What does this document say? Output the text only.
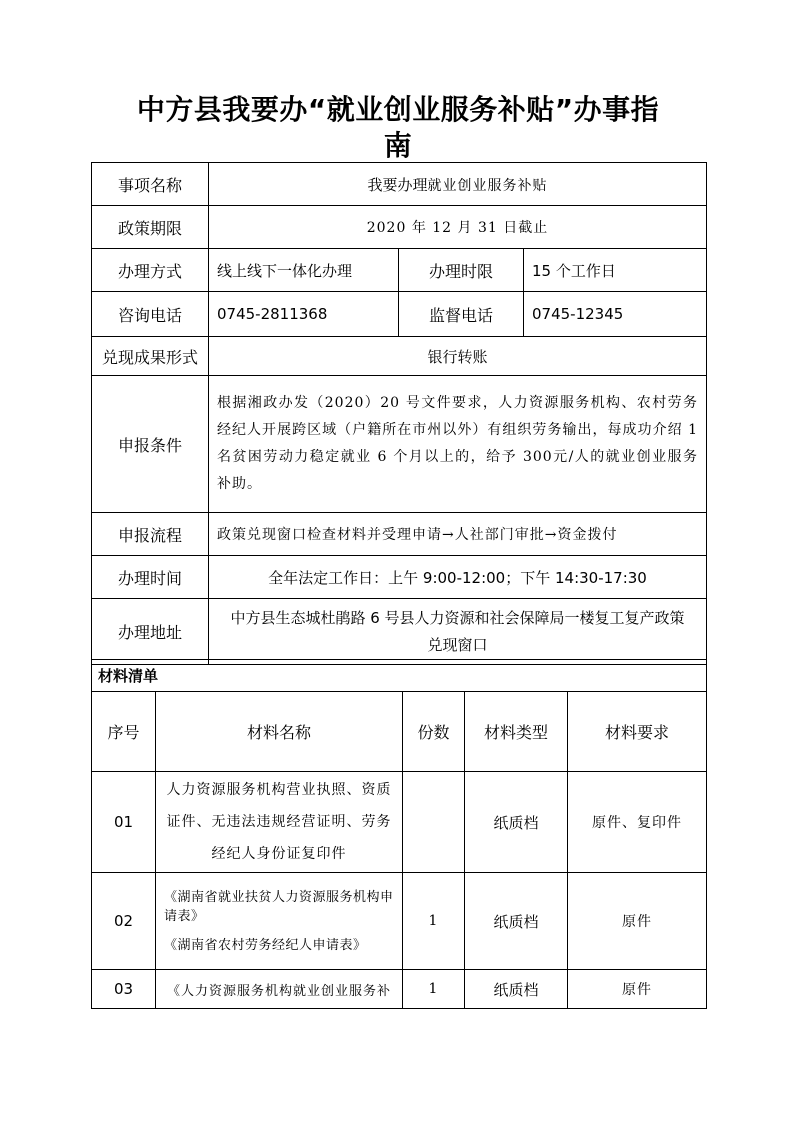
中方县我要办“就业创业服务补贴”办事指
南
事项名称	我要办理就业创业服务补贴		
政策期限	2020 年 12 月 31 日截止		
办理方式	线上线下一体化办理	办理时限	15 个工作日
咨询电话	0745-2811368	监督电话	0745-12345
兑现成果形式	银行转账		
申报条件	根据湘政办发（2020）20 号文件要求，人力资源服务机构、农村劳务经纪人开展跨区域（户籍所在市州以外）有组织劳务输出，每成功介绍 1 名贫困劳动力稳定就业 6 个月以上的，给予 300元/人的就业创业服务补助。		
申报流程	政策兑现窗口检查材料并受理申请→人社部门审批→资金拨付		
办理时间	全年法定工作日：上午 9:00-12:00；下午 14:30-17:30		
办理地址	中方县生态城杜鹃路 6 号县人力资源和社会保障局一楼复工复产政策
兑现窗口		
材料清单				
序号	材料名称	份数	材料类型	材料要求
01	人力资源服务机构营业执照、资质
证件、无违法违规经营证明、劳务
经纪人身份证复印件		纸质档	原件、复印件
02	《湖南省就业扶贫人力资源服务机构申请表》

《湖南省农村劳务经纪人申请表》	1	纸质档	原件
03	《人力资源服务机构就业创业服务补	1	纸质档	原件
